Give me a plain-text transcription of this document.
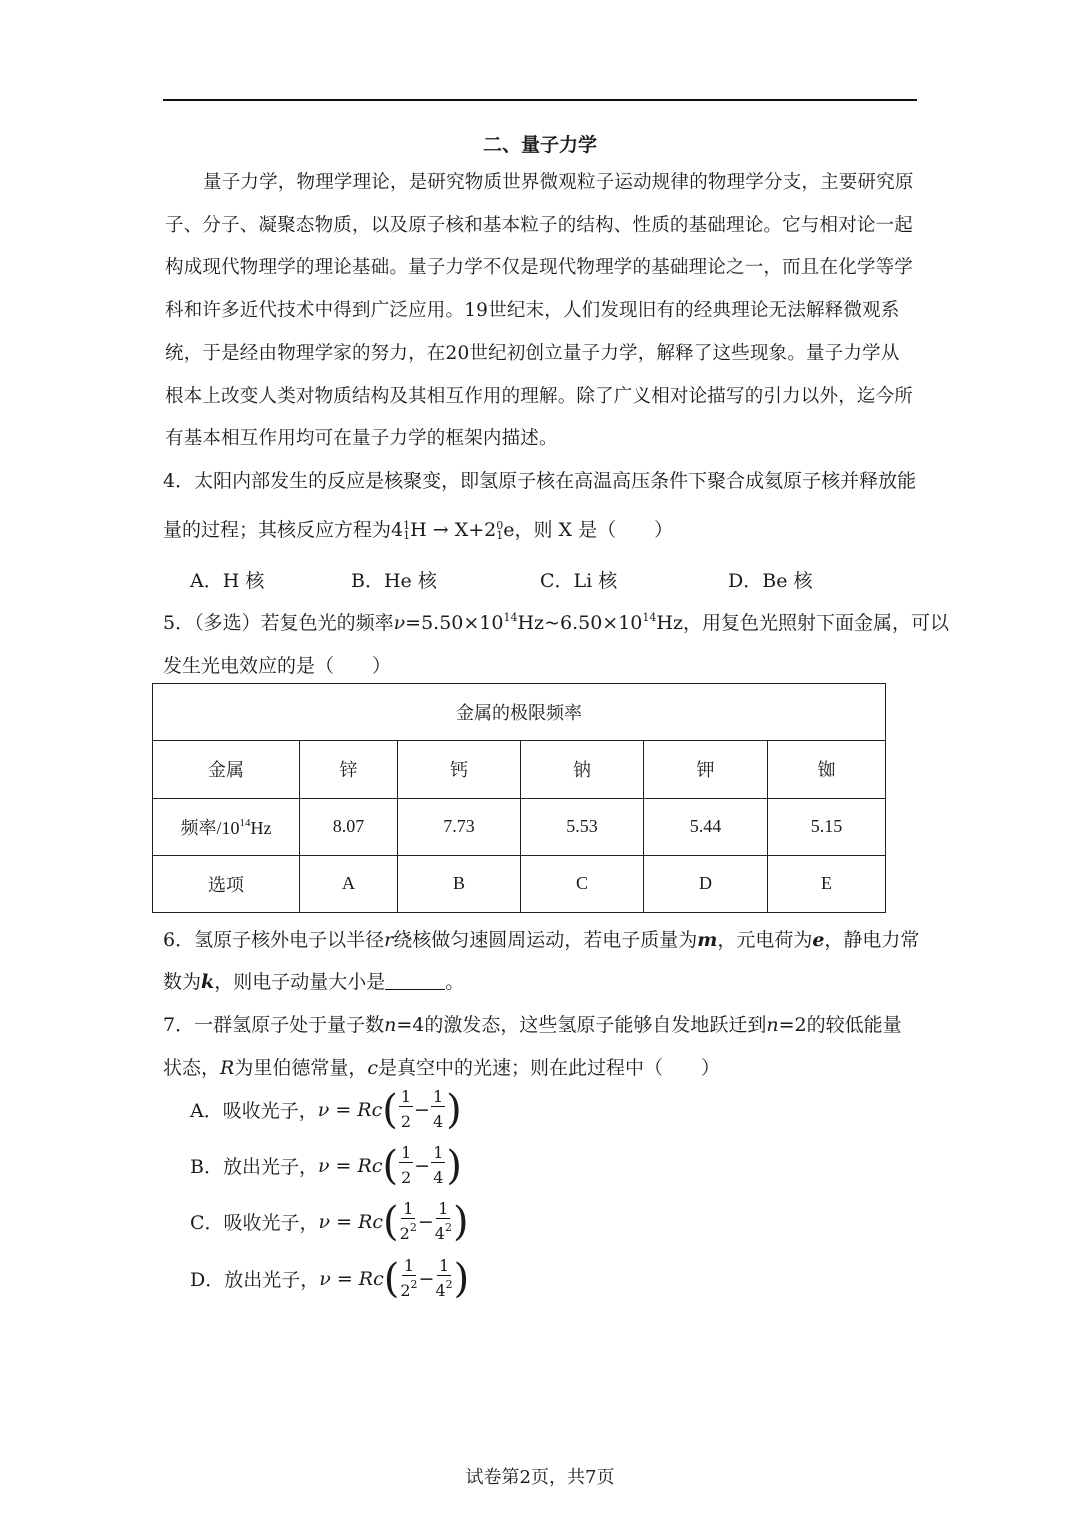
二、量子力学
量子力学，物理学理论，是研究物质世界微观粒子运动规律的物理学分支，主要研究原
子、分子、凝聚态物质，以及原子核和基本粒子的结构、性质的基础理论。它与相对论一起
构成现代物理学的理论基础。量子力学不仅是现代物理学的基础理论之一，而且在化学等学
科和许多近代技术中得到广泛应用。19世纪末，人们发现旧有的经典理论无法解释微观系
统，于是经由物理学家的努力，在20世纪初创立量子力学，解释了这些现象。量子力学从
根本上改变人类对物质结构及其相互作用的理解。除了广义相对论描写的引力以外，迄今所
有基本相互作用均可在量子力学的框架内描述。
4．太阳内部发生的反应是核聚变，即氢原子核在高温高压条件下聚合成氦原子核并释放能
量的过程；其核反应方程为4 1
1 H → X+2 0
1 e，则 X 是（　　）
A．H 核	B．He 核	C．Li 核	D．Be 核
5．（多选）若复色光的频率$\nu=5.50\times 10^{14}Hz\sim 6.50\times 10^{14}Hz$，用复色光照射下面金属，可以
发生光电效应的是（　　）
金属的极限频率					
金属	锌	钙	钠	钾	铷
频率$/10^{14}Hz$	8.07	7.73	5.53	5.44	5.15
选项	A	B	C	D	E
6．氢原子核外电子以半径r绕核做匀速圆周运动，若电子质量为m，元电荷为e，静电力常
数为k，则电子动量大小是	。
7．一群氢原子处于量子数n=4的激发态，这些氢原子能够自发地跃迁到n=2的较低能量
状态，R为里伯德常量，c是真空中的光速；则在此过程中（　　）
A．吸收光子， ν = Rc ( $\frac{1}{2} - \frac{1}{4}$ )
B．放出光子， ν = Rc ( $\frac{1}{2} - \frac{1}{4}$ )
C．吸收光子， ν = Rc ( $\frac{1}{2^2} - \frac{1}{4^2}$ )
D．放出光子， ν = Rc ( $\frac{1}{2^2} - \frac{1}{4^2}$ )
试卷第2页，共7页
